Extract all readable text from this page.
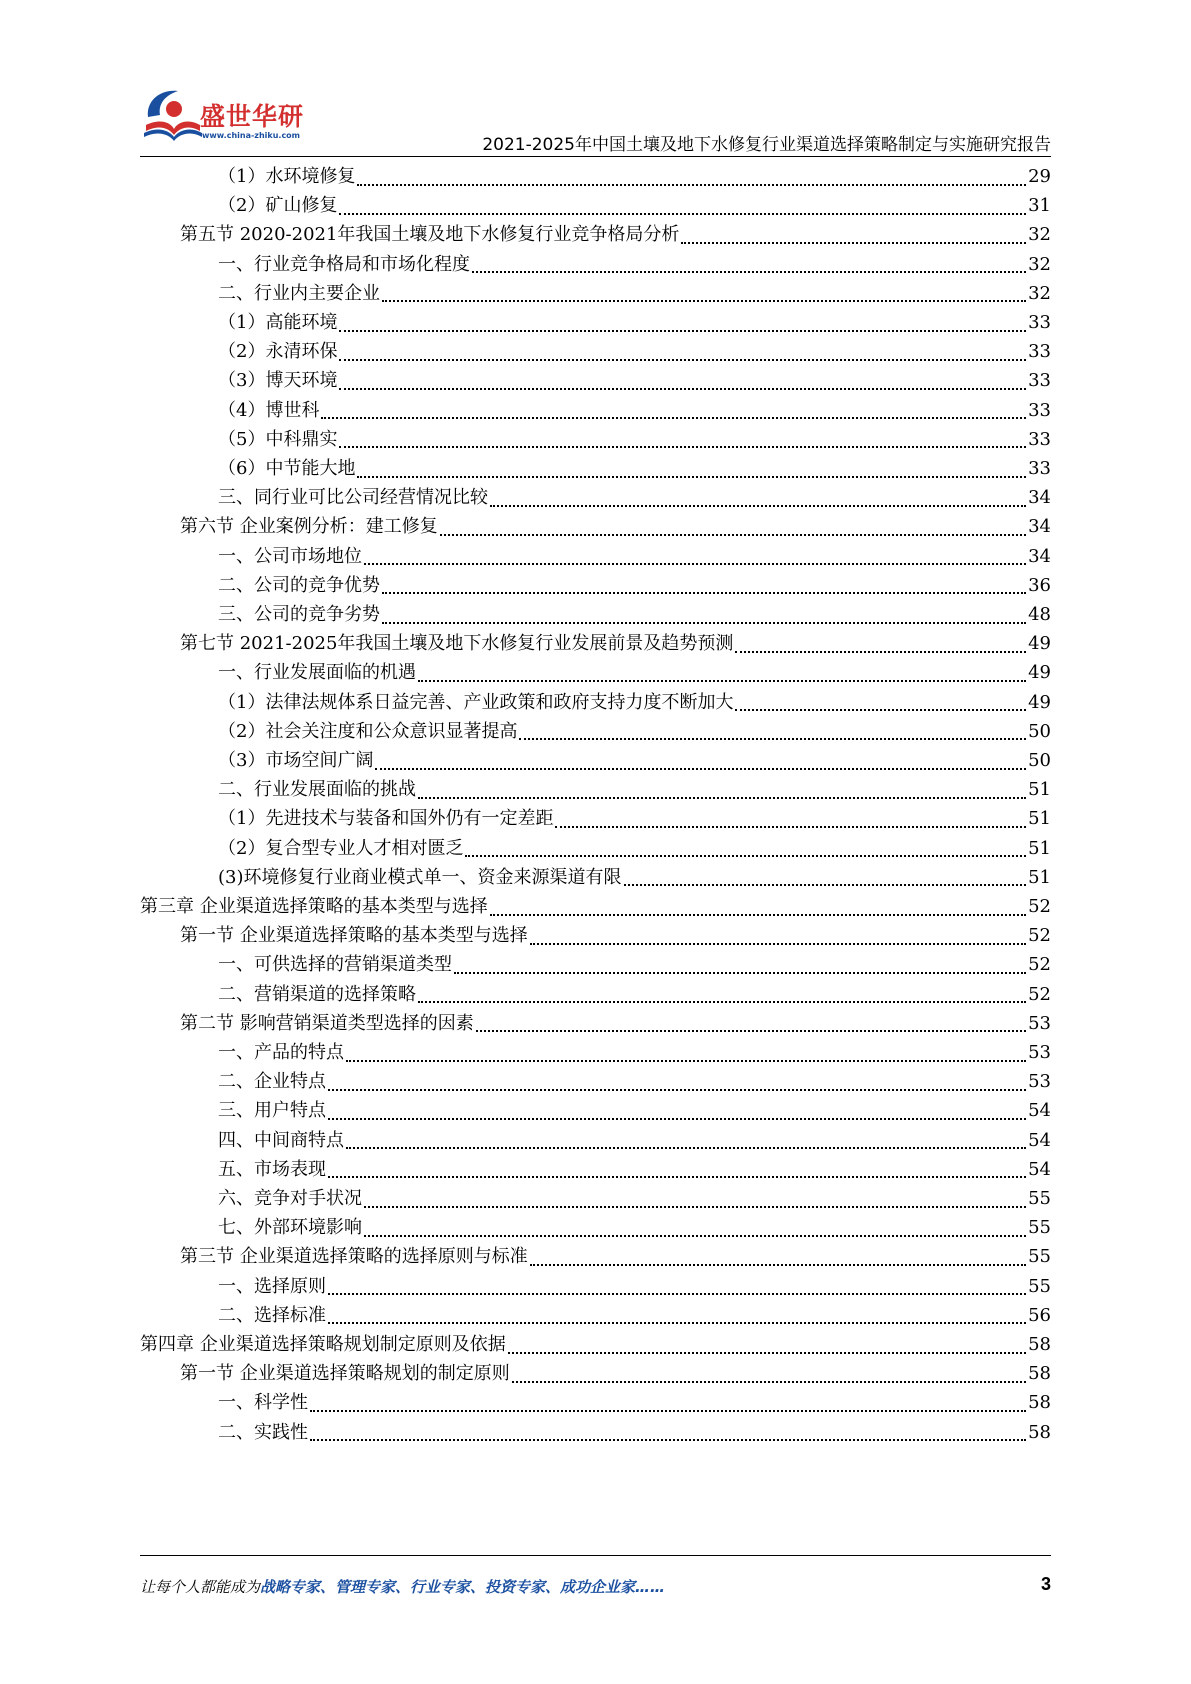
盛世华研
www.china-zhiku.com	2021-2025年中国土壤及地下水修复行业渠道选择策略制定与实施研究报告
（1）水环境修复	29
（2）矿山修复	31
第五节 2020-2021年我国土壤及地下水修复行业竞争格局分析	32
一、行业竞争格局和市场化程度	32
二、行业内主要企业	32
（1）高能环境	33
（2）永清环保	33
（3）博天环境	33
（4）博世科	33
（5）中科鼎实	33
（6）中节能大地	33
三、同行业可比公司经营情况比较	34
第六节 企业案例分析：建工修复	34
一、公司市场地位	34
二、公司的竞争优势	36
三、公司的竞争劣势	48
第七节 2021-2025年我国土壤及地下水修复行业发展前景及趋势预测	49
一、行业发展面临的机遇	49
（1）法律法规体系日益完善、产业政策和政府支持力度不断加大	49
（2）社会关注度和公众意识显著提高	50
（3）市场空间广阔	50
二、行业发展面临的挑战	51
（1）先进技术与装备和国外仍有一定差距	51
（2）复合型专业人才相对匮乏	51
(3)环境修复行业商业模式单一、资金来源渠道有限	51
第三章 企业渠道选择策略的基本类型与选择	52
第一节 企业渠道选择策略的基本类型与选择	52
一、可供选择的营销渠道类型	52
二、营销渠道的选择策略	52
第二节 影响营销渠道类型选择的因素	53
一、产品的特点	53
二、企业特点	53
三、用户特点	54
四、中间商特点	54
五、市场表现	54
六、竞争对手状况	55
七、外部环境影响	55
第三节 企业渠道选择策略的选择原则与标准	55
一、选择原则	55
二、选择标准	56
第四章 企业渠道选择策略规划制定原则及依据	58
第一节 企业渠道选择策略规划的制定原则	58
一、科学性	58
二、实践性	58
让每个人都能成为战略专家、管理专家、行业专家、投资专家、成功企业家……	3
